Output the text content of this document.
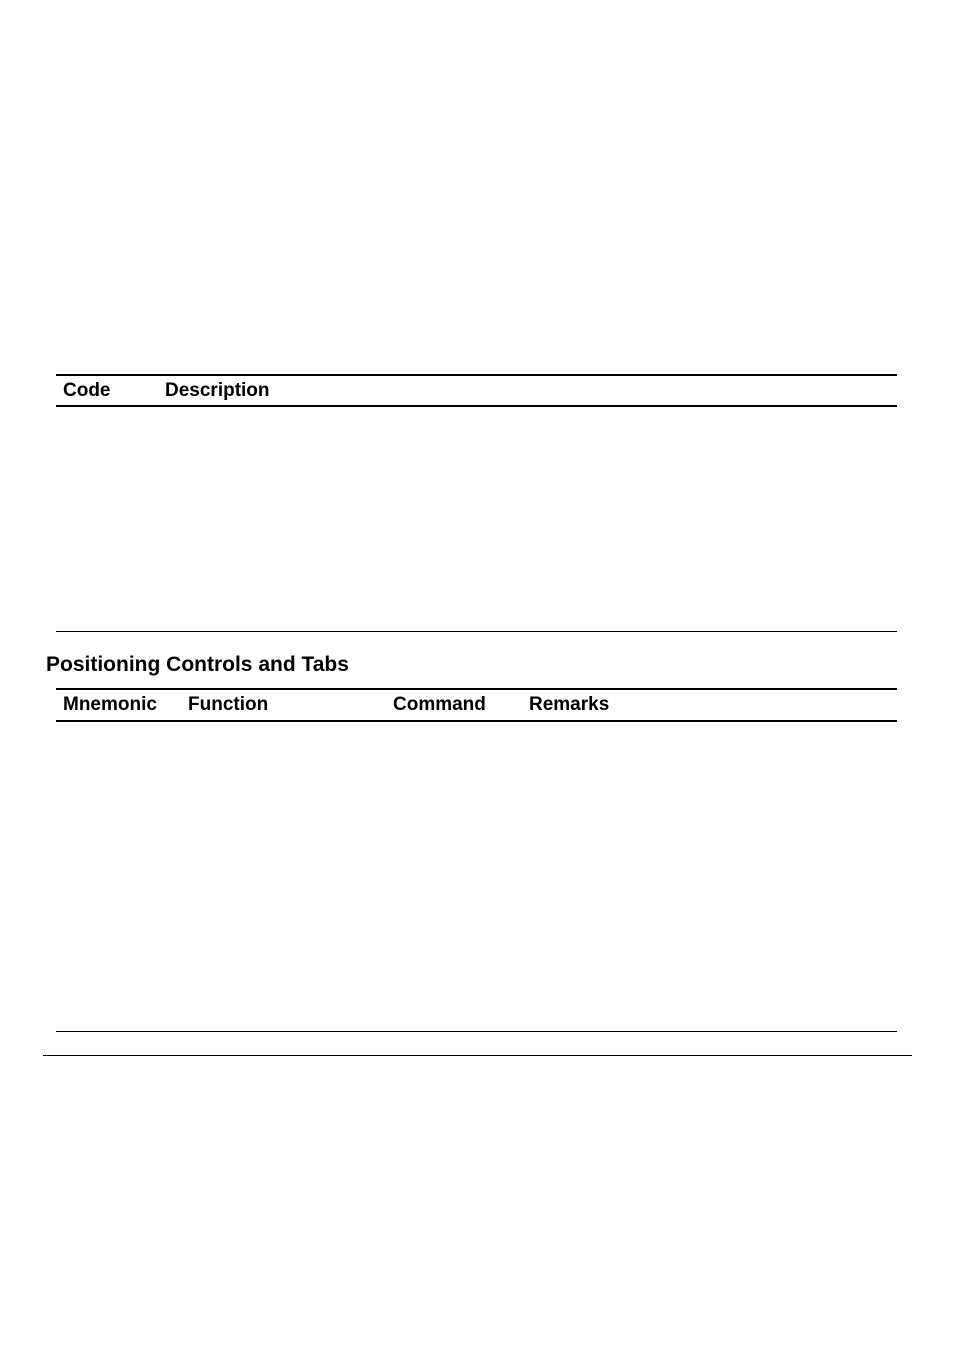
Code	Description
Positioning Controls and Tabs
Mnemonic Function	Command Remarks
